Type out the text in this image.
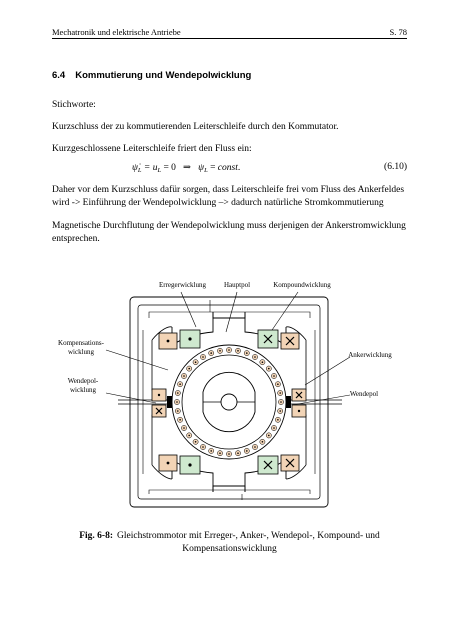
Mechatronik und elektrische Antriebe	S. 78
6.4 Kommutierung und Wendepolwicklung
Stichworte:
Kurzschluss der zu kommutierenden Leiterschleife durch den Kommutator.
Kurzgeschlossene Leiterschleife friert den Fluss ein:
$\psi̇_L = u_L = 0$   ⇒   $\psi_L$ = const.	(6.10)
Daher vor dem Kurzschluss dafür sorgen, dass Leiterschleife frei vom Fluss des Ankerfeldes wird -> Einführung der Wendepolwicklung –> dadurch natürliche Stromkommutierung
Magnetische Durchflutung der Wendepolwicklung muss derjenigen der Ankerstromwicklung entsprechen.
Erregerwicklung	Hauptpol	Kompoundwicklung
Kompensations-
wicklung	Ankerwicklung
Wendepol-
wicklung
Wendepol
Fig. 6-8: Gleichstrommotor mit Erreger-, Anker-, Wendepol-, Kompound- und Kompensationswicklung
